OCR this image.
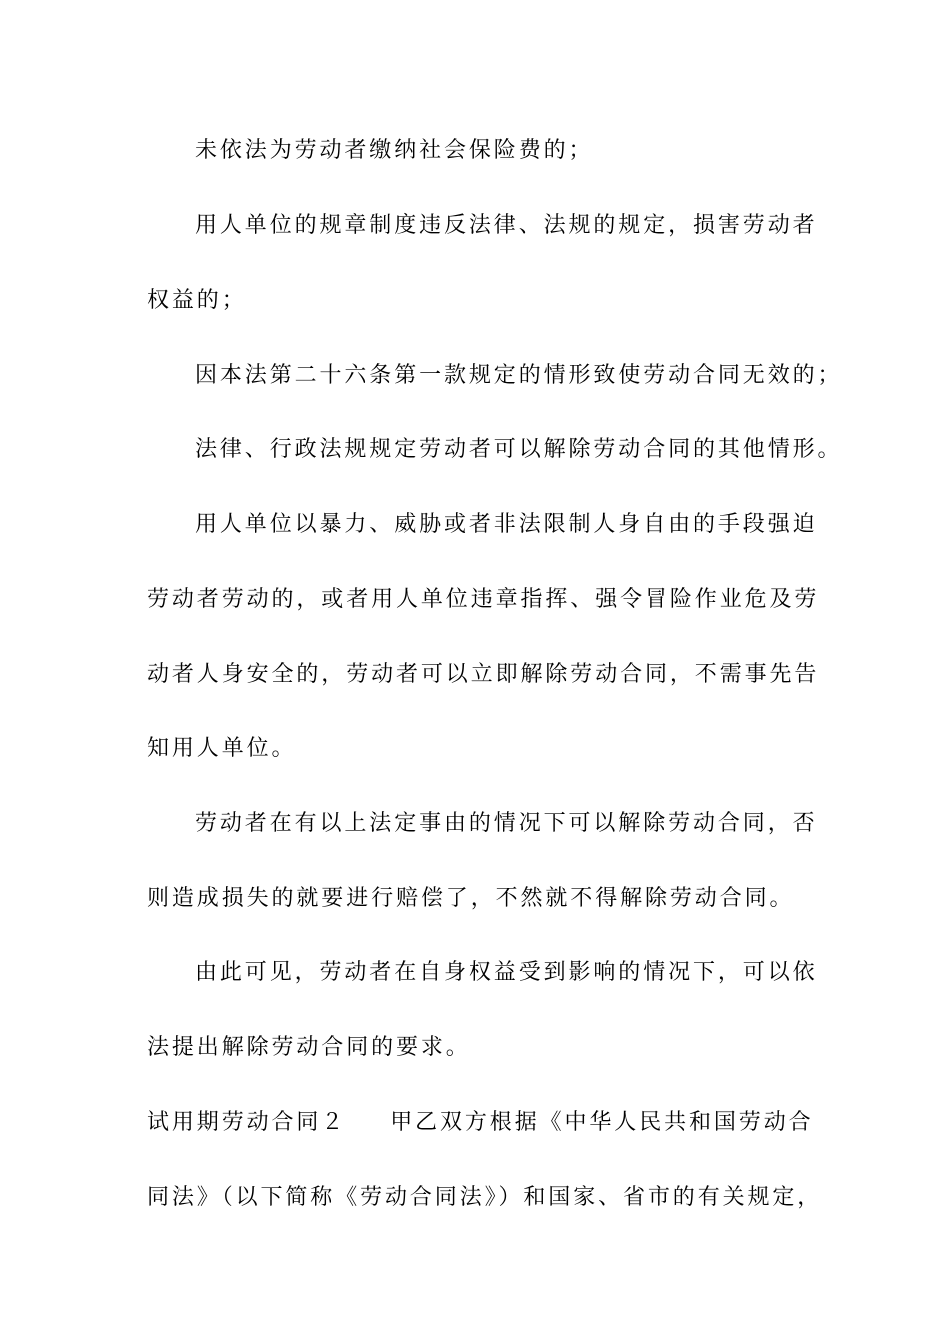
未依法为劳动者缴纳社会保险费的；
用人单位的规章制度违反法律、法规的规定，损害劳动者
权益的；
因本法第二十六条第一款规定的情形致使劳动合同无效的；
法律、行政法规规定劳动者可以解除劳动合同的其他情形。
用人单位以暴力、威胁或者非法限制人身自由的手段强迫
劳动者劳动的，或者用人单位违章指挥、强令冒险作业危及劳
动者人身安全的，劳动者可以立即解除劳动合同，不需事先告
知用人单位。
劳动者在有以上法定事由的情况下可以解除劳动合同，否
则造成损失的就要进行赔偿了，不然就不得解除劳动合同。
由此可见，劳动者在自身权益受到影响的情况下，可以依
法提出解除劳动合同的要求。
试用期劳动合同２ 甲乙双方根据《中华人民共和国劳动合
同法》（以下简称《劳动合同法》）和国家、省市的有关规定，
